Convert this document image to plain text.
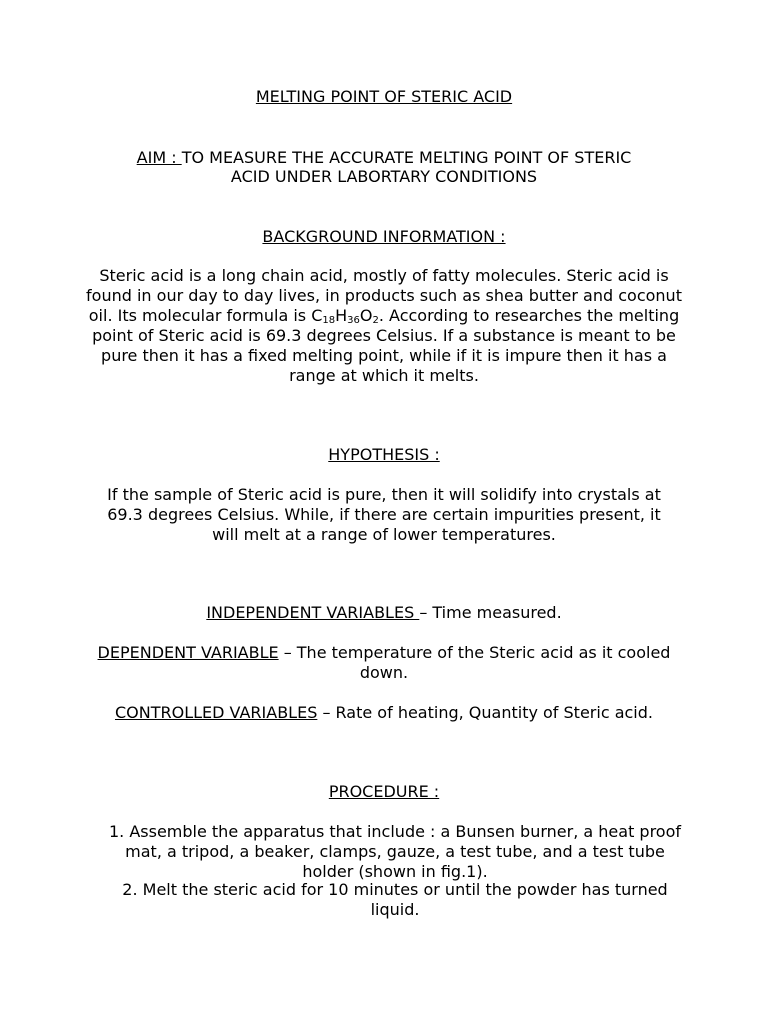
MELTING POINT OF STERIC ACID
AIM : TO MEASURE THE ACCURATE MELTING POINT OF STERIC
ACID UNDER LABORTARY CONDITIONS
BACKGROUND INFORMATION :
Steric acid is a long chain acid, mostly of fatty molecules. Steric acid is found in our day to day lives, in products such as shea butter and coconut oil. Its molecular formula is $C_{18}H_{36}O_2$. According to researches the melting point of Steric acid is 69.3 degrees Celsius. If a substance is meant to be pure then it has a fixed melting point, while if it is impure then it has a range at which it melts.
HYPOTHESIS :
If the sample of Steric acid is pure, then it will solidify into crystals at 69.3 degrees Celsius. While, if there are certain impurities present, it will melt at a range of lower temperatures.
INDEPENDENT VARIABLES – Time measured.
DEPENDENT VARIABLE – The temperature of the Steric acid as it cooled down.
CONTROLLED VARIABLES – Rate of heating, Quantity of Steric acid.
PROCEDURE :
1. Assemble the apparatus that include : a Bunsen burner, a heat proof mat, a tripod, a beaker, clamps, gauze, a test tube, and a test tube holder (shown in fig.1).
2. Melt the steric acid for 10 minutes or until the powder has turned liquid.
